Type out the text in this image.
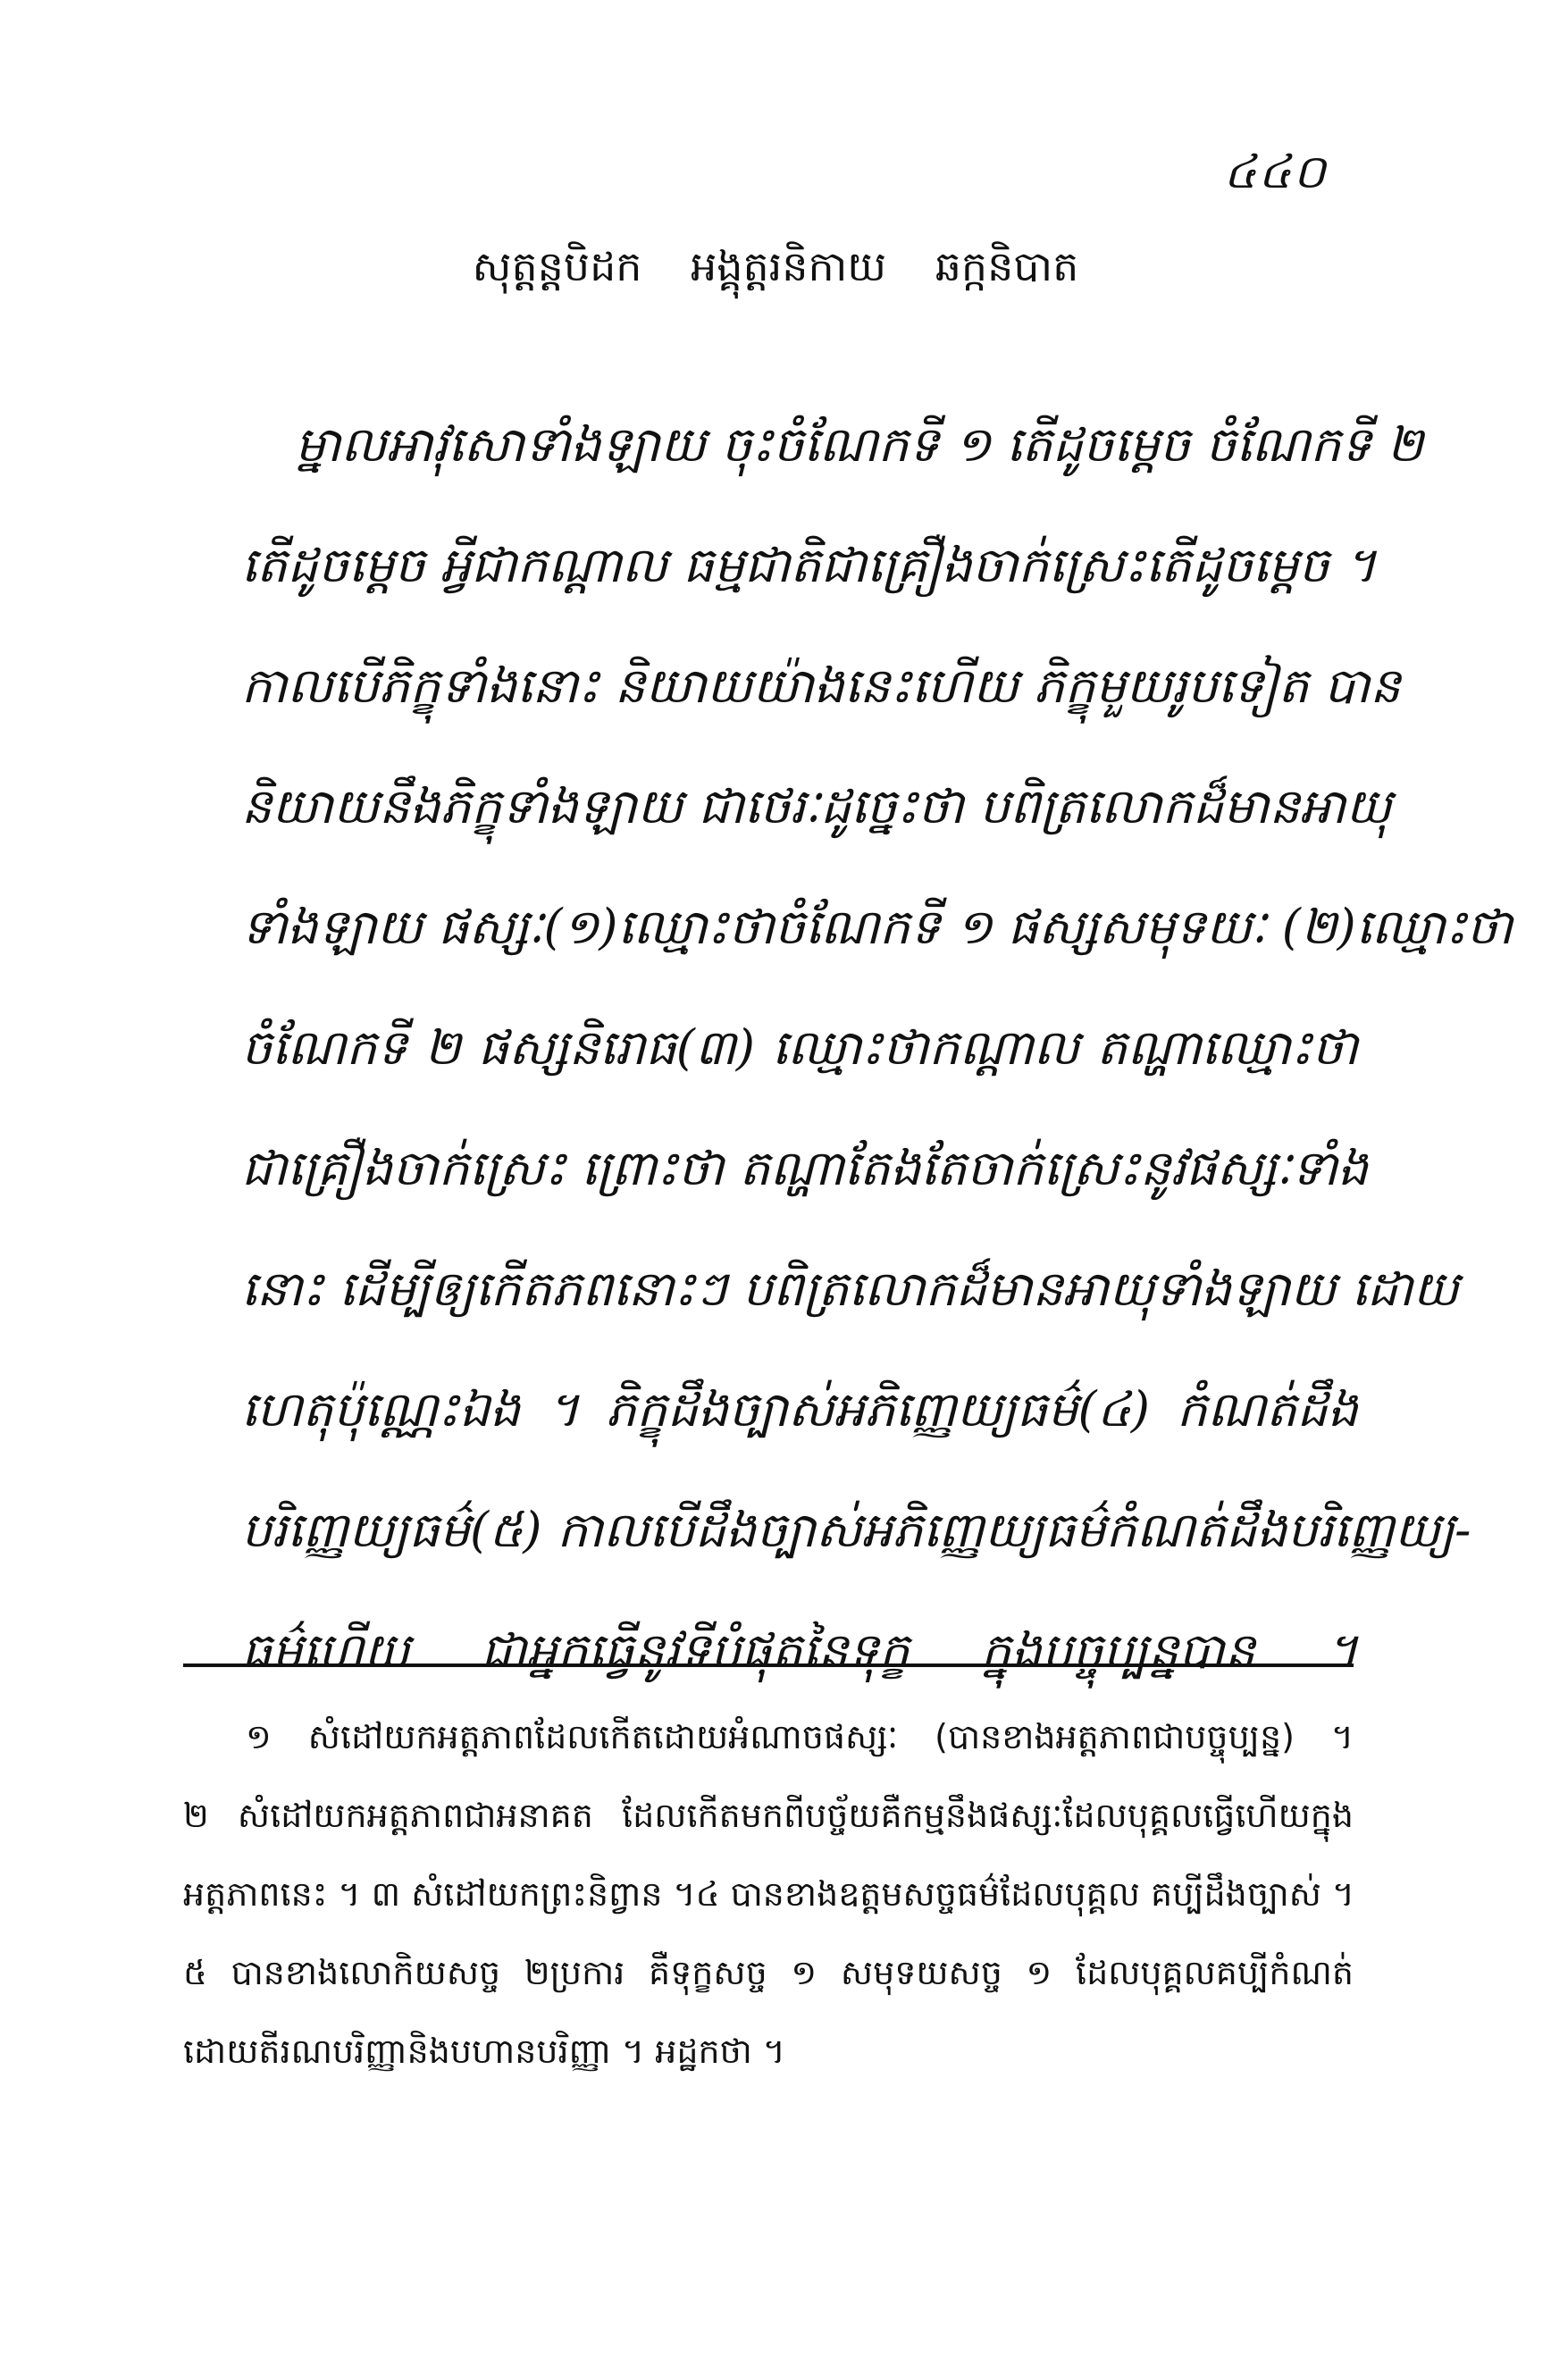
៤៤០
សុត្តន្តបិដក អង្គុត្តរនិកាយ ឆក្កនិបាត
ម្នាលអាវុសោទាំងឡាយ ចុះចំណែកទី ១ តើដូចម្តេច ចំណែកទី ២
តើដូចម្តេច អ្វីជាកណ្តាល ធម្មជាតិជាគ្រឿងចាក់ស្រេះតើដូចម្តេច ។
កាលបើភិក្ខុទាំងនោះ និយាយយ៉ាងនេះហើយ ភិក្ខុមួយរូបទៀត បាន
និយាយនឹងភិក្ខុទាំងឡាយ ជាថេរៈដូច្នេះថា បពិត្រលោកដ៏មានអាយុ
ទាំងឡាយ ផស្សៈ(១)ឈ្មោះថាចំណែកទី ១ ផស្សសមុទយៈ (២)ឈ្មោះថា
ចំណែកទី ២ ផស្សនិរោធ(៣) ឈ្មោះថាកណ្តាល តណ្ហាឈ្មោះថា
ជាគ្រឿងចាក់ស្រេះ ព្រោះថា តណ្ហាតែងតែចាក់ស្រេះនូវផស្សៈទាំង
នោះ ដើម្បីឲ្យកើតភពនោះៗ បពិត្រលោកដ៏មានអាយុទាំងឡាយ ដោយ
ហេតុប៉ុណ្ណេះឯង ។ ភិក្ខុដឹងច្បាស់អភិញ្ញេយ្យធម៌(៤) កំណត់ដឹង
បរិញ្ញេយ្យធម៌(៥) កាលបើដឹងច្បាស់អភិញ្ញេយ្យធម៌កំណត់ដឹងបរិញ្ញេយ្យ-
ធម៌ហើយ ជាអ្នកធ្វើនូវទីបំផុតនៃទុក្ខ ក្នុងបច្ចុប្បន្នបាន ។
១ សំដៅយកអត្តភាពដែលកើតដោយអំណាចផស្សៈ (បានខាងអត្តភាពជាបច្ចុប្បន្ន) ។
២ សំដៅយកអត្តភាពជាអនាគត ដែលកើតមកពីបច្ច័យគឺកម្មនឹងផស្សៈដែលបុគ្គលធ្វើហើយក្នុង
អត្តភាពនេះ ។ ៣ សំដៅយកព្រះនិព្វាន ។៤ បានខាងឧត្តមសច្ចធម៌ដែលបុគ្គល គប្បីដឹងច្បាស់ ។
៥ បានខាងលោកិយសច្ច ២ប្រការ គឺទុក្ខសច្ច ១ សមុទយសច្ច ១ ដែលបុគ្គលគប្បីកំណត់
ដោយតីរណបរិញ្ញានិងបហានបរិញ្ញា ។ អដ្ឋកថា ។
